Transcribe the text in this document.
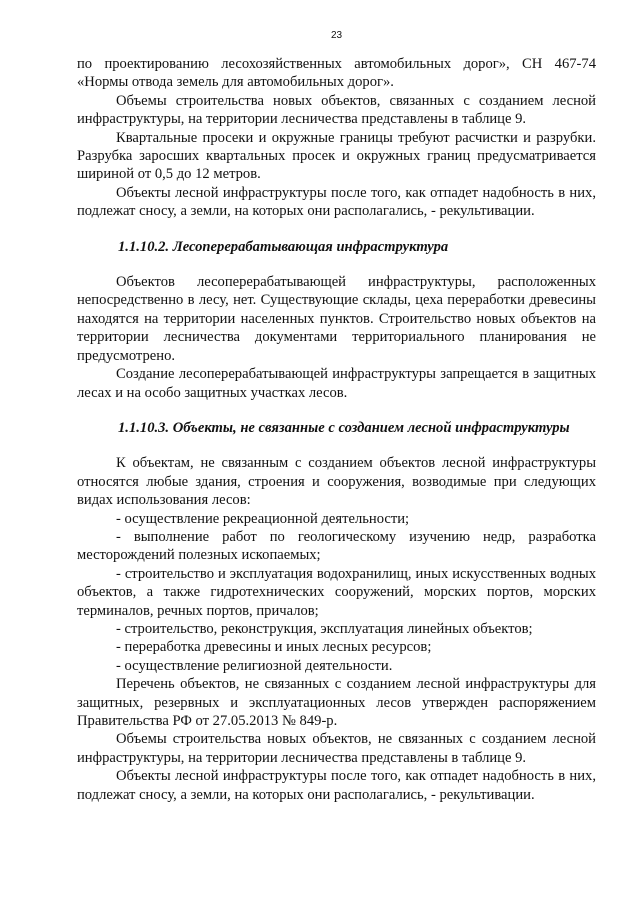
23

по проектированию лесохозяйственных автомобильных дорог», СН 467-74 «Нормы отвода земель для автомобильных дорог».

Объемы строительства новых объектов, связанных с созданием лесной инфраструктуры, на территории лесничества представлены в таблице 9.

Квартальные просеки и окружные границы требуют расчистки и разрубки. Разрубка заросших квартальных просек и окружных границ предусматривается шириной от 0,5 до 12 метров.

Объекты лесной инфраструктуры после того, как отпадет надобность в них, подлежат сносу, а земли, на которых они располагались, - рекультивации.

1.1.10.2. Лесоперерабатывающая инфраструктура

Объектов лесоперерабатывающей инфраструктуры, расположенных непосредственно в лесу, нет. Существующие склады, цеха переработки древесины находятся на территории населенных пунктов. Строительство новых объектов на территории лесничества документами территориального планирования не предусмотрено.

Создание лесоперерабатывающей инфраструктуры запрещается в защитных лесах и на особо защитных участках лесов.

1.1.10.3. Объекты, не связанные с созданием лесной инфраструктуры

К объектам, не связанным с созданием объектов лесной инфраструктуры относятся любые здания, строения и сооружения, возводимые при следующих видах использования лесов:

- осуществление рекреационной деятельности;

- выполнение работ по геологическому изучению недр, разработка месторождений полезных ископаемых;

- строительство и эксплуатация водохранилищ, иных искусственных водных объектов, а также гидротехнических сооружений, морских портов, морских терминалов, речных портов, причалов;

- строительство, реконструкция, эксплуатация линейных объектов;

- переработка древесины и иных лесных ресурсов;

- осуществление религиозной деятельности.

Перечень объектов, не связанных с созданием лесной инфраструктуры для защитных, резервных и эксплуатационных лесов утвержден распоряжением Правительства РФ от 27.05.2013 № 849-р.

Объемы строительства новых объектов, не связанных с созданием лесной инфраструктуры, на территории лесничества представлены в таблице 9.

Объекты лесной инфраструктуры после того, как отпадет надобность в них, подлежат сносу, а земли, на которых они располагались, - рекультивации.
